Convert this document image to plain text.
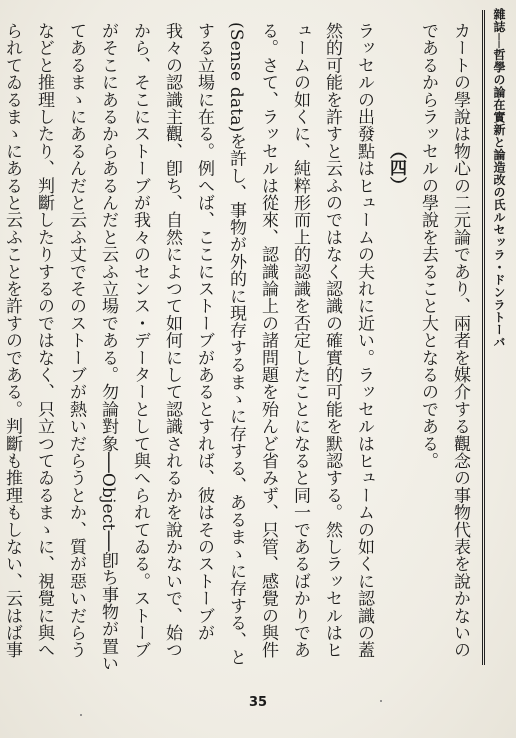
雜誌──哲學の論在實新と論造改の氏ルセッラ・ドンラトーバ

カートの學說は物心の二元論であり、兩者を媒介する觀念の事物代表を說かないのであるからラッセルの學說を去ること大となるのである。

（四）

ラッセルの出發點はヒュームの夫れに近い。ラッセルはヒュームの如くに認識の蓋然的可能を許すと云ふのではなく認識の確實的可能を默認する。然しラッセルはヒュームの如くに、純粹形而上的認識を否定したことになると同一であるばかりである。さて、ラッセルは從來、認識論上の諸問題を殆んど省みず、只管、感覺の與件(Sense data)を許し、事物が外的に現存するまゝに存する、あるまゝに存する、とする立場に在る。例へば、ここにストーブがあるとすれば、彼はそのストーブが我々の認識主觀、卽ち、自然によつて如何にして認識されるかを說かないで、始つから、そこにストーブが我々のセンス・データーとして與へられてゐる。ストーブがそこにあるからあるんだと云ふ立場である。勿論對象──Object──卽ち事物が置いてあるまゝにあるんだと云ふ丈でそのストーブが熱いだらうとか、質が惡いだらうなどと推理したり、判斷したりするのではなく、只立つてゐるまゝに、視覺に與へられてゐるまゝにあると云ふことを許すのである。判斷も推理もしない、云はば事

35
